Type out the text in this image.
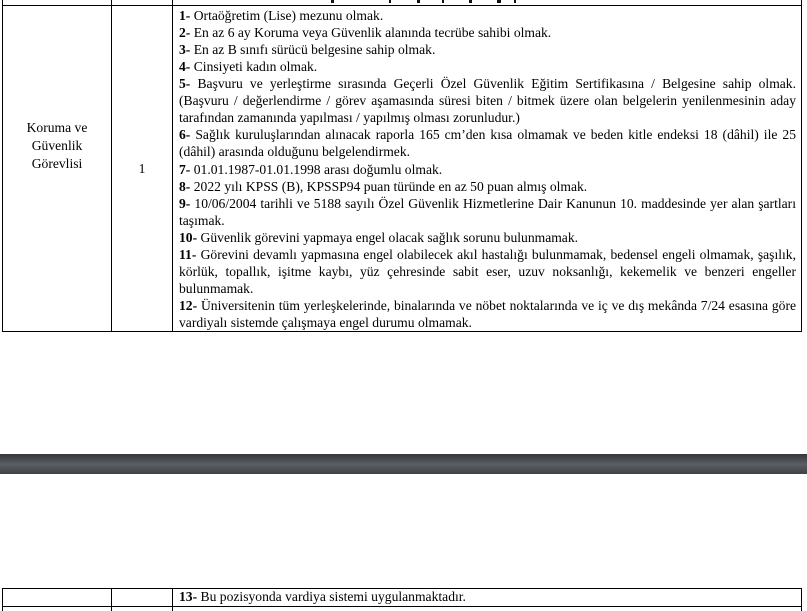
Koruma ve Güvenlik Görevlisi	1

1- Ortaöğretim (Lise) mezunu olmak.

2- En az 6 ay Koruma veya Güvenlik alanında tecrübe sahibi olmak.

3- En az B sınıfı sürücü belgesine sahip olmak.

4- Cinsiyeti kadın olmak.

5- Başvuru ve yerleştirme sırasında Geçerli Özel Güvenlik Eğitim Sertifikasına / Belgesine sahip olmak. (Başvuru / değerlendirme / görev aşamasında süresi biten / bitmek üzere olan belgelerin yenilenmesinin aday tarafından zamanında yapılması / yapılmış olması zorunludur.)

6- Sağlık kuruluşlarından alınacak raporla 165 cm’den kısa olmamak ve beden kitle endeksi 18 (dâhil) ile 25 (dâhil) arasında olduğunu belgelendirmek.

7- 01.01.1987-01.01.1998 arası doğumlu olmak.

8- 2022 yılı KPSS (B), KPSSP94 puan türünde en az 50 puan almış olmak.

9- 10/06/2004 tarihli ve 5188 sayılı Özel Güvenlik Hizmetlerine Dair Kanunun 10. maddesinde yer alan şartları taşımak.

10- Güvenlik görevini yapmaya engel olacak sağlık sorunu bulunmamak.

11- Görevini devamlı yapmasına engel olabilecek akıl hastalığı bulunmamak, bedensel engeli olmamak, şaşılık, körlük, topallık, işitme kaybı, yüz çehresinde sabit eser, uzuv noksanlığı, kekemelik ve benzeri engeller bulunmamak.

12- Üniversitenin tüm yerleşkelerinde, binalarında ve nöbet noktalarında ve iç ve dış mekânda 7/24 esasına göre vardiyalı sistemde çalışmaya engel durumu olmamak.

13- Bu pozisyonda vardiya sistemi uygulanmaktadır.
